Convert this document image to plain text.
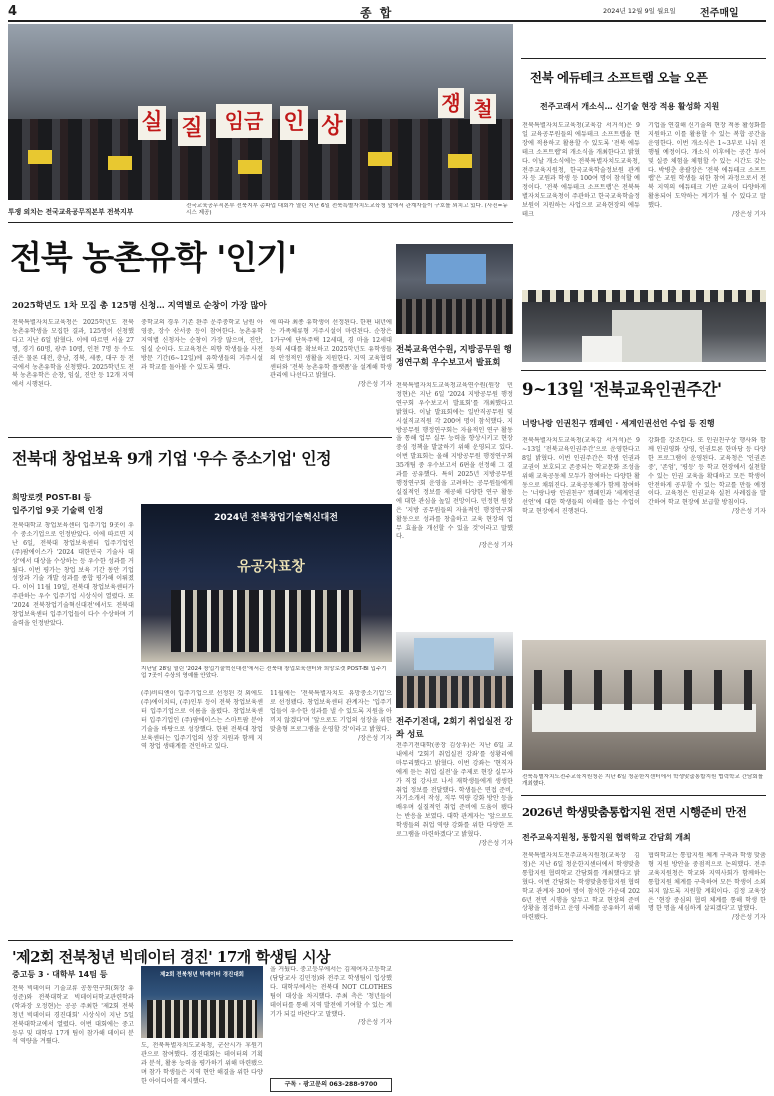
4	종 합	2024년 12월 9일 월요일 전주매일
실 질	임금 인 상
쟁 철
투쟁 외치는 전국교육공무직본부 전북지부
전국교육공무직본부 전북지부 총파업 대회가 열린 지난 6일 전북특별자치도교육청 앞에서 관계자들이 구호를 외치고 있다. (사진=뉴시스 제공)
전북 에듀테크 소프트랩 오늘 오픈
전주고래서 개소식… 신기술 현장 적용 활성화 지원
전북특별자치도교육청(교육감 서거석)은 9일 교육공무원들의 에듀테크 소프트랩을 현장에 적용하고 활용할 수 있도록 '전북 에듀테크 소프트랩'의 개소식을 개최한다고 밝혔다. 이날 개소식에는 전북특별자치도교육청, 전주교육지원청, 한국교육학술정보원 관계자 등 교원과 학생 등 100여 명이 참석할 예정이다. '전북 에듀테크 소프트랩'은 전북특별자치도교육청이 주관하고 한국교육학술정보원이 지원하는 사업으로 교육현장의 에듀테크
기업을 연결해 신기술의 현장 적용 활성화를 지원하고 이를 활용할 수 있는 복합 공간을 운영한다. 이번 개소식은 1~3부로 나눠 진행될 예정이다. 개소식 이후에는 공간 투어 및 실증 체험을 체험할 수 있는 시간도 갖는다. 박병춘 총괄장은 '전북 에듀테크 소프트랩'은 교원 학생들 위한 참여 과정으로서 전북 지역의 에듀테크 기반 교육이 다양하게 활용되어 도약하는 계기가 될 수 있다고 말했다.
/장은성 기자
전북 농촌유학 '인기'
2025학년도 1차 모집 총 125명 신청… 지역별로 순창이 가장 많아
전북특별자치도교육청은 2025학년도 전북 농촌유학생을 모집한 결과, 125명이 신청했다고 지난 6일 밝혔다. 이에 따르면 서울 27명, 경기 60명, 광주 10명, 인천 7명 등 수도권은 물론 대전, 충남, 경북, 세종, 대구 등 전국에서 농촌유학을 신청했다. 2025학년도 전북 농촌유학은 순창, 임실, 진안 등 12개 지역에서 시행된다.
중학교의 경우 기존 완주 운주중학교 남원 아영중, 장수 산서중 등이 참여한다. 농촌유학 지역별 신청자는 순창이 가장 많으며, 진안, 임실 순이다. 도교육청은 의향 학생들을 사전방문 기간(6~12일)에 유학생들의 거주시설과 학교를 돌아볼 수 있도록 했다.
에 따라 최종 유학생이 선정된다. 한편 내년에는 가족체류형 거주시설이 마련된다. 순창은 1가구에 단독주택 12세대, 경 마을 12세대 등의 세대를 확보하고 2025학년도 유학생들의 안정적인 생활을 지원한다. 지역 교육협력센터와 '전북 농촌유학 플랫폼'을 설계해 학생 관리에 나선다고 밝혔다.
/장은성 기자
전북교육연수원, 지방공무원 행정연구회 우수보고서 발표회
전북특별자치도교육청교육연수원(원장 민정현)은 지난 6일 '2024 지방공무원 행정연구회 우수보고서 발표회'를 개최했다고 밝혔다. 이날 발표회에는 일반직공무원 및 시설직교직원 각 200여 명이 참석했다. 지방공무원 행정연구회는 자율적인 연구 활동을 통해 업무 실무 능력을 향상시키고 현장 중심 정책을 발굴하기 위해 운영되고 있다. 이번 발표회는 올해 지방공무원 행정연구회 35개팀 중 우수보고서 6편을 선정해 그 결과를 공유했다. 특히 2025년 지방공무원 행정연구회 운영을 고려하는 공무원들에게 실질적인 정보를 제공해 다양한 연구 활동에 대한 관심을 높일 전망이다. 민정현 원장은 '지방 공무원들의 자율적인 행정연구회 활동으로 성과를 창출하고 교육 현장의 업무 효율을 개선할 수 있을 것'이라고 말했다.
/장은성 기자
9~13일 '전북교육인권주간'
너랑나랑 인권친구 캠페인 · 세계인권선언 수업 등 진행
전북특별자치도교육청(교육감 서거석)은 9~13일 '전북교육인권주간'으로 운영한다고 8일 밝혔다. 이번 인권주간은 학생 인권과 교권이 보호되고 존중되는 학교문화 조성을 위해 교육공동체 모두가 참여하는 다양한 활동으로 채워진다. 교육공동체가 함께 참여하는 '너랑나랑 인권친구' 캠페인과 '세계인권선언'에 대한 학생들의 이해를 돕는 수업이 학교 현장에서 진행된다.
강화를 강조한다. 또 인권친구상 행사와 함께 인권영화 상영, 인권토론 한마당 등 다양한 프로그램이 운영된다. 교육청은 '인권존중', '존엄', '평등' 등 학교 현장에서 실천할 수 있는 인권 교육을 확대하고 모든 학생이 안전하게 공부할 수 있는 학교를 만들 예정이다. 교육청은 인권교육 실천 사례집을 발간하여 학교 현장에 보급할 방침이다.
/장은성 기자
전북대 창업보육 9개 기업 '우수 중소기업' 인정
희망로켓 POST-BI 등
입주기업 9곳 기술력 인정
전북대학교 창업보육센터 입주기업 9곳이 우수 중소기업으로 인정받았다. 이에 따르면 지난 6일, 전북대 창업보육센터 입주기업인 (주)팜에이스가 '2024 대한민국 기술사 대상'에서 대상을 수상하는 등 우수한 성과를 거뒀다. 이번 평가는 창업 보육 기간 동안 기업 성장과 기술 개발 성과를 종합 평가해 이뤄졌다. 이어 11월 19일, 전북대 창업보육센터가 주관하는 우수 입주기업 시상식이 열렸다. 또 '2024 전북창업기술혁신대전'에서도 전북대 창업보육센터 입주기업들이 다수 수상하며 기술력을 인정받았다.
2024년 전북창업기술혁신대전
유공자표창
지난달 28일 열린 '2024 창업기술혁신대전'에서는 전북대 창업보육센터와 희망로켓 POST-BI 입주기업 7곳이 수상의 영예를 안았다.
(주)비티엔이 입주기업으로 선정된 것 외에도 (주)에이치티, (주)인투 등이 전북 창업보육센터 입주기업으로 이름을 올렸다. 창업보육센터 입주기업인 (주)팜에이스는 스마트팜 분야 기술을 바탕으로 성장했다. 한편 전북대 창업보육센터는 입주기업의 성장 지원과 함께 지역 창업 생태계를 견인하고 있다.
11월에는 '전북특별자치도 유망중소기업'으로 선정됐다. 창업보육센터 관계자는 '입주기업들이 우수한 성과를 낼 수 있도록 지원을 아끼지 않겠다'며 '앞으로도 기업의 성장을 위한 맞춤형 프로그램을 운영할 것'이라고 밝혔다.
/장은성 기자
전주기전대, 2회기 취업실전 강좌 성료
전주기전대학(총장 김상우)은 지난 6일 교내에서 '2회기 취업실전 강좌'를 성황리에 마무리했다고 밝혔다. 이번 강좌는 '현직자에게 듣는 취업 실전'을 주제로 현장 실무자가 직접 강사로 나서 재학생들에게 생생한 취업 정보를 전달했다. 학생들은 면접 준비, 자기소개서 작성, 직무 역량 강화 방안 등을 배우며 실질적인 취업 준비에 도움이 됐다는 반응을 보였다. 대학 관계자는 '앞으로도 학생들의 취업 역량 강화를 위한 다양한 프로그램을 마련하겠다'고 밝혔다.
/장은성 기자
전북특별자치도전주교육지원청은 지난 6일 청운한지센터에서 학생맞춤통합지원 협력학교 간담회를 개최했다.
2026년 학생맞춤통합지원 전면 시행준비 만전
전주교육지원청, 통합지원 협력학교 간담회 개최
전북특별자치도전주교육지원청(교육장 김정)은 지난 6일 청운한지센터에서 학생맞춤통합지원 협력학교 간담회를 개최했다고 밝혔다. 이번 간담회는 학생맞춤통합지원 협력학교 관계자 30여 명이 참석한 가운데 2026년 전면 시행을 앞두고 학교 현장의 준비 상황을 점검하고 운영 사례를 공유하기 위해 마련됐다.
협력학교는 통합지원 체계 구축과 학생 맞춤형 지원 방안을 중점적으로 논의했다. 전주교육지원청은 학교와 지역사회가 함께하는 통합지원 체계를 구축하여 모든 학생이 소외되지 않도록 지원할 계획이다. 김정 교육장은 '현장 중심의 협력 체계를 통해 학생 한 명 한 명을 세심하게 살피겠다'고 말했다.
/장은성 기자
'제2회 전북청년 빅데이터 경진' 17개 학생팀 시상
중고등 3 · 대학부 14팀 등
전북 빅데이터 기술교류 공동연구회(회장 유성준)와 전북대학교 빅데이터학교관련학과(학과장 오정현)는 공공 주최한 '제2회 전북 청년 빅데이터 경진대회' 시상식이 지난 5일 전북대학교에서 열렸다. 이번 대회에는 중고등부 및 대학부 17개 팀이 참가해 데이터 분석 역량을 겨뤘다.
제2회 전북청년 빅데이터 경진대회
도, 전북특별자치도교육청, 군산시가 후원기관으로 참여했다. 경진대회는 데이터의 기획과 분석, 활용 능력을 평가하기 위해 마련됐으며 참가 학생들은 지역 현안 해결을 위한 다양한 아이디어를 제시했다.
을 거뒀다. 중고등부에서는 김제여자고등학교(담당교사 김민정)와 전주고 학생팀이 입상했다. 대학부에서는 전북대 NOT CLOTHES팀이 대상을 차지했다. 주최 측은 '청년들이 데이터를 통해 지역 발전에 기여할 수 있는 계기가 되길 바란다'고 말했다.
/장은성 기자
구독 · 광고문의 063-288-9700
